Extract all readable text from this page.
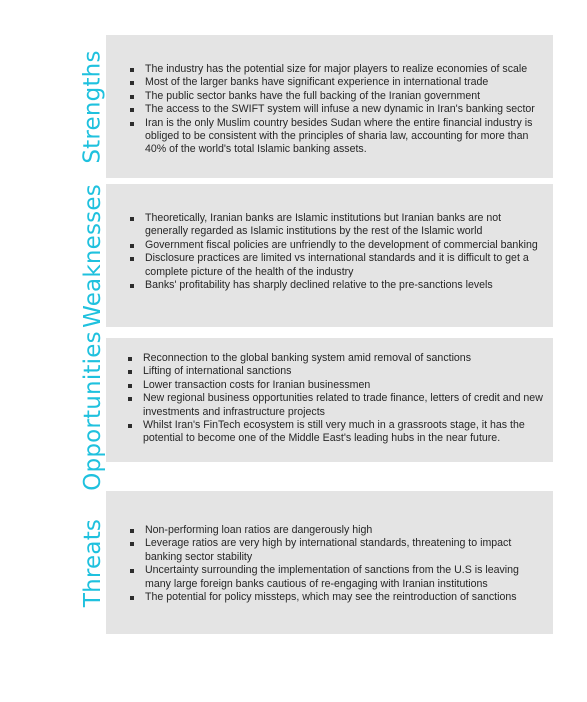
Strengths	The industry has the potential size for major players to realize economies of scale
Most of the larger banks have significant experience in international trade
The public sector banks have the full backing of the Iranian government
The access to the SWIFT system will infuse a new dynamic in Iran's banking sector
Iran is the only Muslim country besides Sudan where the entire financial industry is obliged to be consistent with the principles of sharia law, accounting for more than 40% of the world's total Islamic banking assets.
Weaknesses	Theoretically, Iranian banks are Islamic institutions but Iranian banks are not generally regarded as Islamic institutions by the rest of the Islamic world
Government fiscal policies are unfriendly to the development of commercial banking
Disclosure practices are limited vs international standards and it is difficult to get a complete picture of the health of the industry
Banks' profitability has sharply declined relative to the pre-sanctions levels
Opportunities	Reconnection to the global banking system amid removal of sanctions
Lifting of international sanctions
Lower transaction costs for Iranian businessmen
New regional business opportunities related to trade finance, letters of credit and new investments and infrastructure projects
Whilst Iran's FinTech ecosystem is still very much in a grassroots stage, it has the potential to become one of the Middle East's leading hubs in the near future.
Threats	Non-performing loan ratios are dangerously high
Leverage ratios are very high by international standards, threatening to impact banking sector stability
Uncertainty surrounding the implementation of sanctions from the U.S is leaving many large foreign banks cautious of re-engaging with Iranian institutions
The potential for policy missteps, which may see the reintroduction of sanctions
